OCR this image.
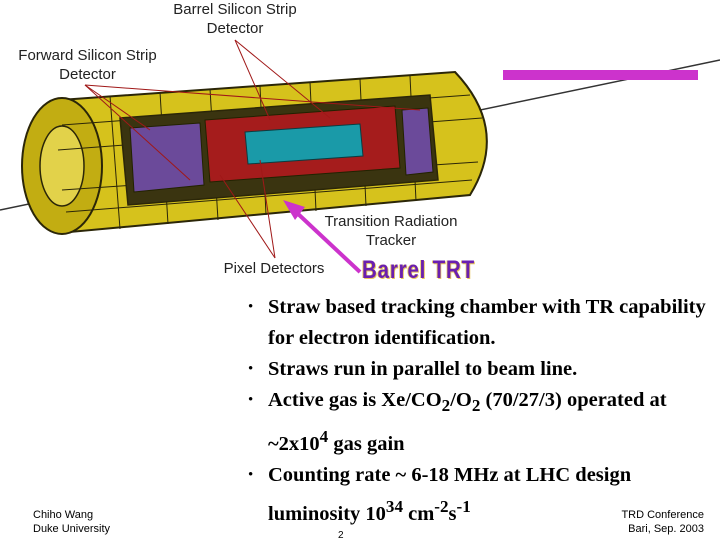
Barrel Silicon Strip Detector
Forward Silicon Strip Detector
Transition Radiation Tracker
Pixel Detectors	Barrel TRT
• Straw based tracking chamber with TR capability for electron identification.
• Straws run in parallel to beam line.
• Active gas is $Xe/CO_2/O_2$ (70/27/3) operated at $\sim 2x10^4$ gas gain
• Counting rate ~ 6-18 MHz at LHC design luminosity $10^{34}$ $cm^{-2}s^{-1}$
Chiho Wang
Duke University
TRD Conference
Bari, Sep. 2003
2
